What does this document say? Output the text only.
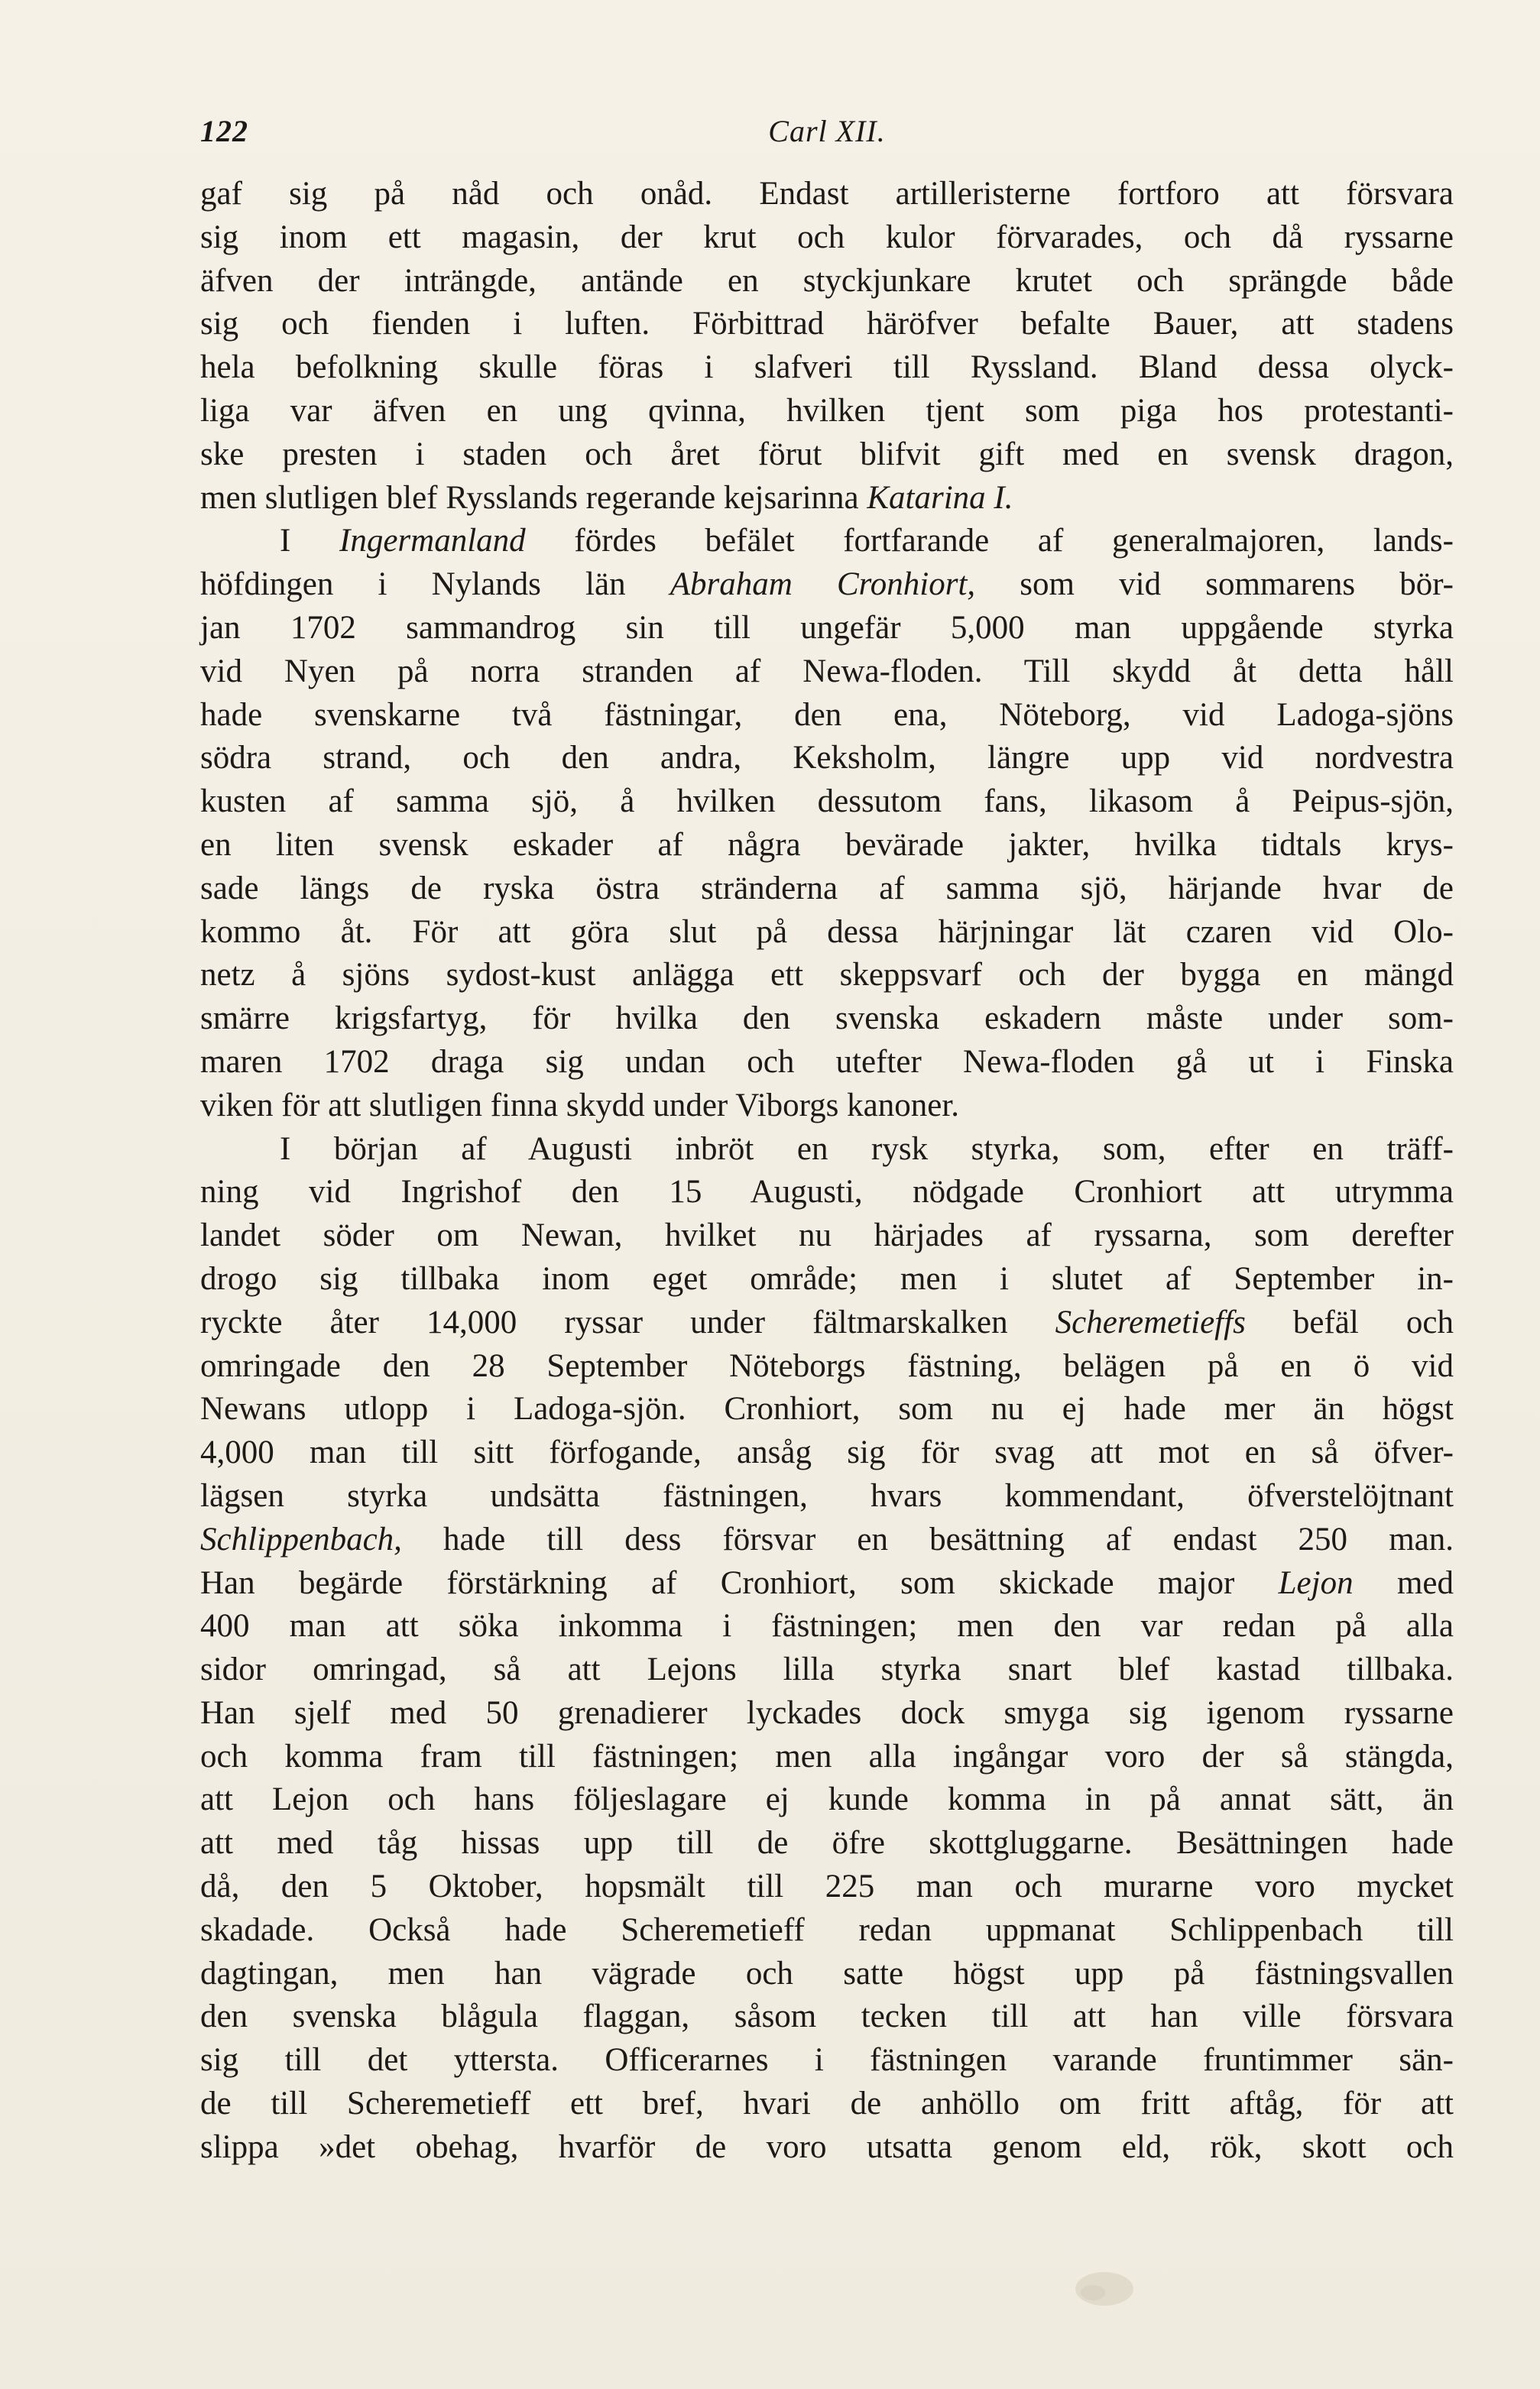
122	Carl XII.
gaf sig på nåd och onåd. Endast artilleristerne fortforo att försvara
sig inom ett magasin, der krut och kulor förvarades, och då ryssarne
äfven der inträngde, antände en styckjunkare krutet och sprängde både
sig och fienden i luften. Förbittrad häröfver befalte Bauer, att stadens
hela befolkning skulle föras i slafveri till Ryssland. Bland dessa olyck-
liga var äfven en ung qvinna, hvilken tjent som piga hos protestanti-
ske presten i staden och året förut blifvit gift med en svensk dragon,
men slutligen blef Rysslands regerande kejsarinna Katarina I.
I Ingermanland fördes befälet fortfarande af generalmajoren, lands-
höfdingen i Nylands län Abraham Cronhiort, som vid sommarens bör-
jan 1702 sammandrog sin till ungefär 5,000 man uppgående styrka
vid Nyen på norra stranden af Newa-floden. Till skydd åt detta håll
hade svenskarne två fästningar, den ena, Nöteborg, vid Ladoga-sjöns
södra strand, och den andra, Keksholm, längre upp vid nordvestra
kusten af samma sjö, å hvilken dessutom fans, likasom å Peipus-sjön,
en liten svensk eskader af några bevärade jakter, hvilka tidtals krys-
sade längs de ryska östra stränderna af samma sjö, härjande hvar de
kommo åt. För att göra slut på dessa härjningar lät czaren vid Olo-
netz å sjöns sydost-kust anlägga ett skeppsvarf och der bygga en mängd
smärre krigsfartyg, för hvilka den svenska eskadern måste under som-
maren 1702 draga sig undan och utefter Newa-floden gå ut i Finska
viken för att slutligen finna skydd under Viborgs kanoner.
I början af Augusti inbröt en rysk styrka, som, efter en träff-
ning vid Ingrishof den 15 Augusti, nödgade Cronhiort att utrymma
landet söder om Newan, hvilket nu härjades af ryssarna, som derefter
drogo sig tillbaka inom eget område; men i slutet af September in-
ryckte åter 14,000 ryssar under fältmarskalken Scheremetieffs befäl och
omringade den 28 September Nöteborgs fästning, belägen på en ö vid
Newans utlopp i Ladoga-sjön. Cronhiort, som nu ej hade mer än högst
4,000 man till sitt förfogande, ansåg sig för svag att mot en så öfver-
lägsen styrka undsätta fästningen, hvars kommendant, öfverstelöjtnant
Schlippenbach, hade till dess försvar en besättning af endast 250 man.
Han begärde förstärkning af Cronhiort, som skickade major Lejon med
400 man att söka inkomma i fästningen; men den var redan på alla
sidor omringad, så att Lejons lilla styrka snart blef kastad tillbaka.
Han sjelf med 50 grenadierer lyckades dock smyga sig igenom ryssarne
och komma fram till fästningen; men alla ingångar voro der så stängda,
att Lejon och hans följeslagare ej kunde komma in på annat sätt, än
att med tåg hissas upp till de öfre skottgluggarne. Besättningen hade
då, den 5 Oktober, hopsmält till 225 man och murarne voro mycket
skadade. Också hade Scheremetieff redan uppmanat Schlippenbach till
dagtingan, men han vägrade och satte högst upp på fästningsvallen
den svenska blågula flaggan, såsom tecken till att han ville försvara
sig till det yttersta. Officerarnes i fästningen varande fruntimmer sän-
de till Scheremetieff ett bref, hvari de anhöllo om fritt aftåg, för att
slippa »det obehag, hvarför de voro utsatta genom eld, rök, skott och
